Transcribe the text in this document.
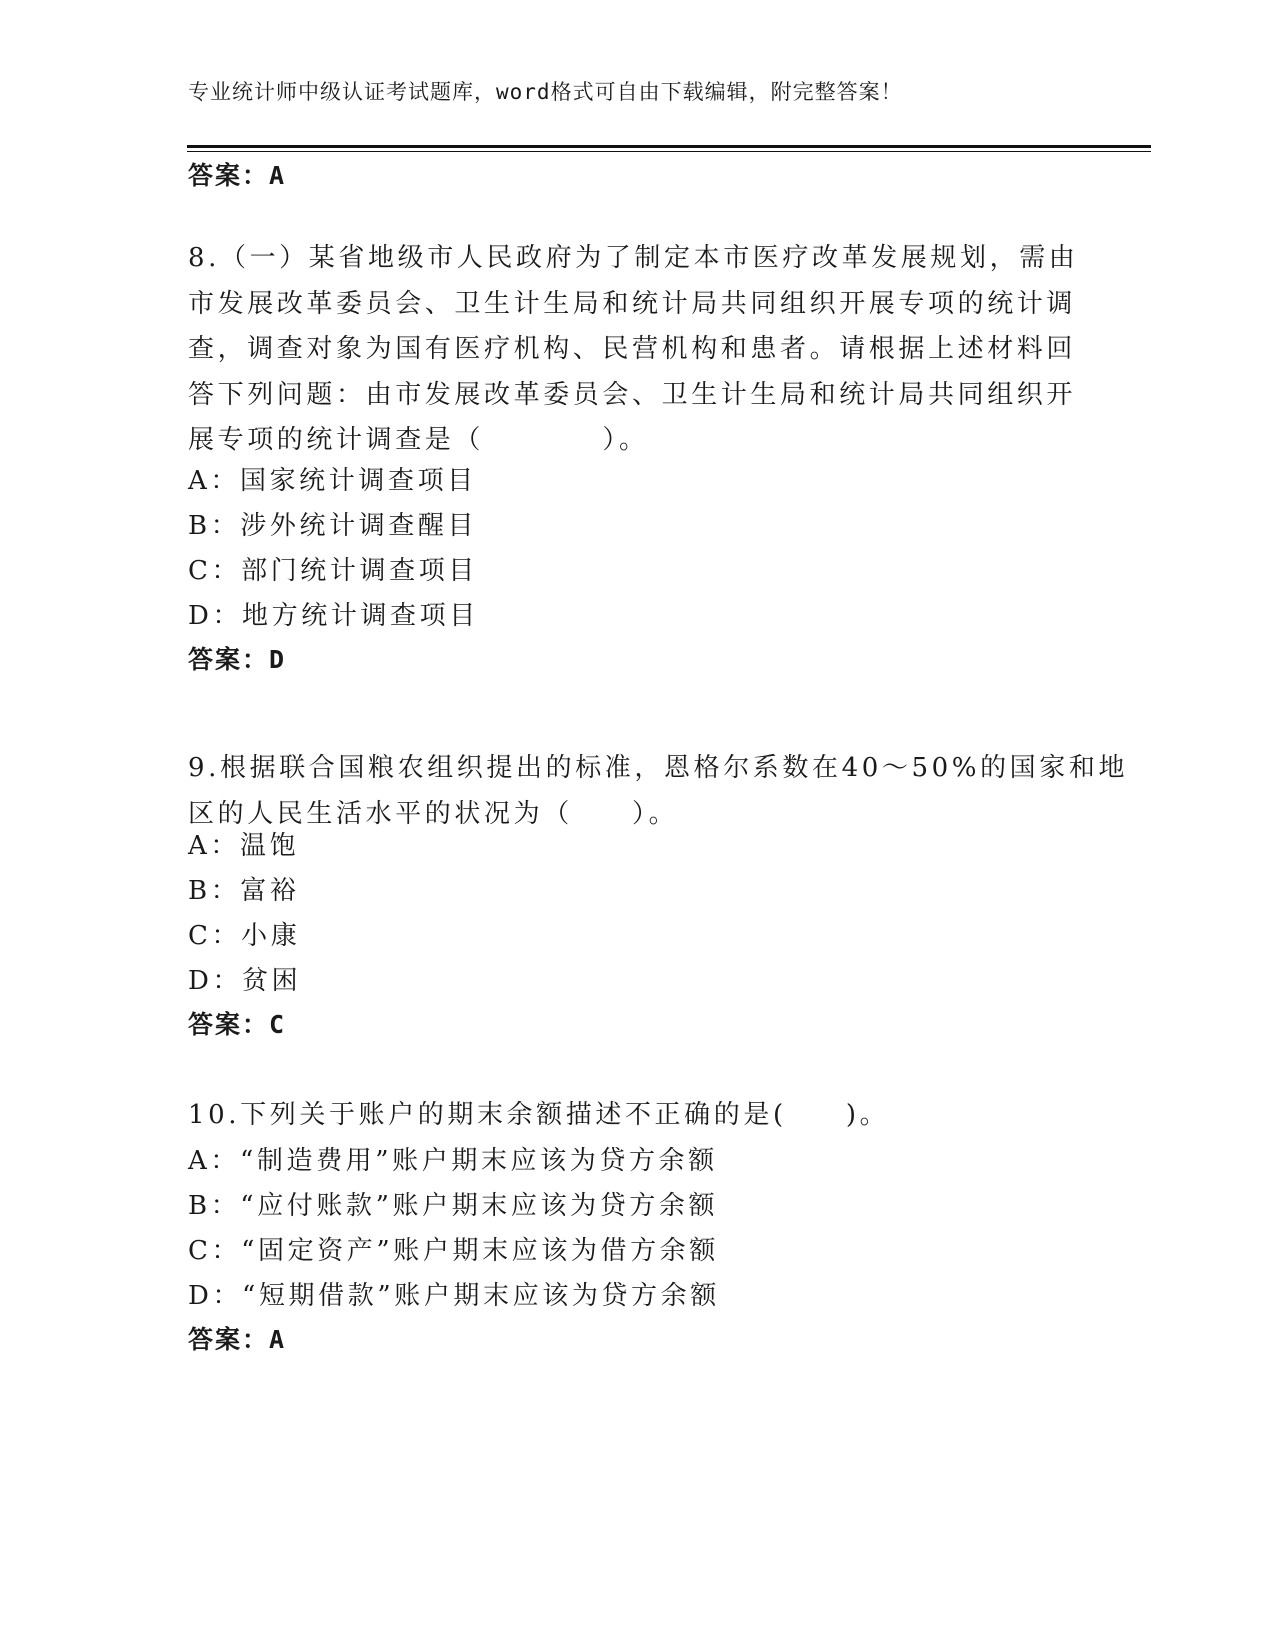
专业统计师中级认证考试题库，word格式可自由下载编辑，附完整答案！
答案：A
8.（一）某省地级市人民政府为了制定本市医疗改革发展规划，需由
市发展改革委员会、卫生计生局和统计局共同组织开展专项的统计调
查，调查对象为国有医疗机构、民营机构和患者。请根据上述材料回
答下列问题：由市发展改革委员会、卫生计生局和统计局共同组织开
展专项的统计调查是（　　　　）。
A：国家统计调查项目
B：涉外统计调查醒目
C：部门统计调查项目
D：地方统计调查项目
答案：D
9.根据联合国粮农组织提出的标准，恩格尔系数在40～50%的国家和地
区的人民生活水平的状况为（　　）。
A：温饱
B：富裕
C：小康
D：贫困
答案：C
10.下列关于账户的期末余额描述不正确的是(　　)。
A：“制造费用”账户期末应该为贷方余额
B：“应付账款”账户期末应该为贷方余额
C：“固定资产”账户期末应该为借方余额
D：“短期借款”账户期末应该为贷方余额
答案：A
